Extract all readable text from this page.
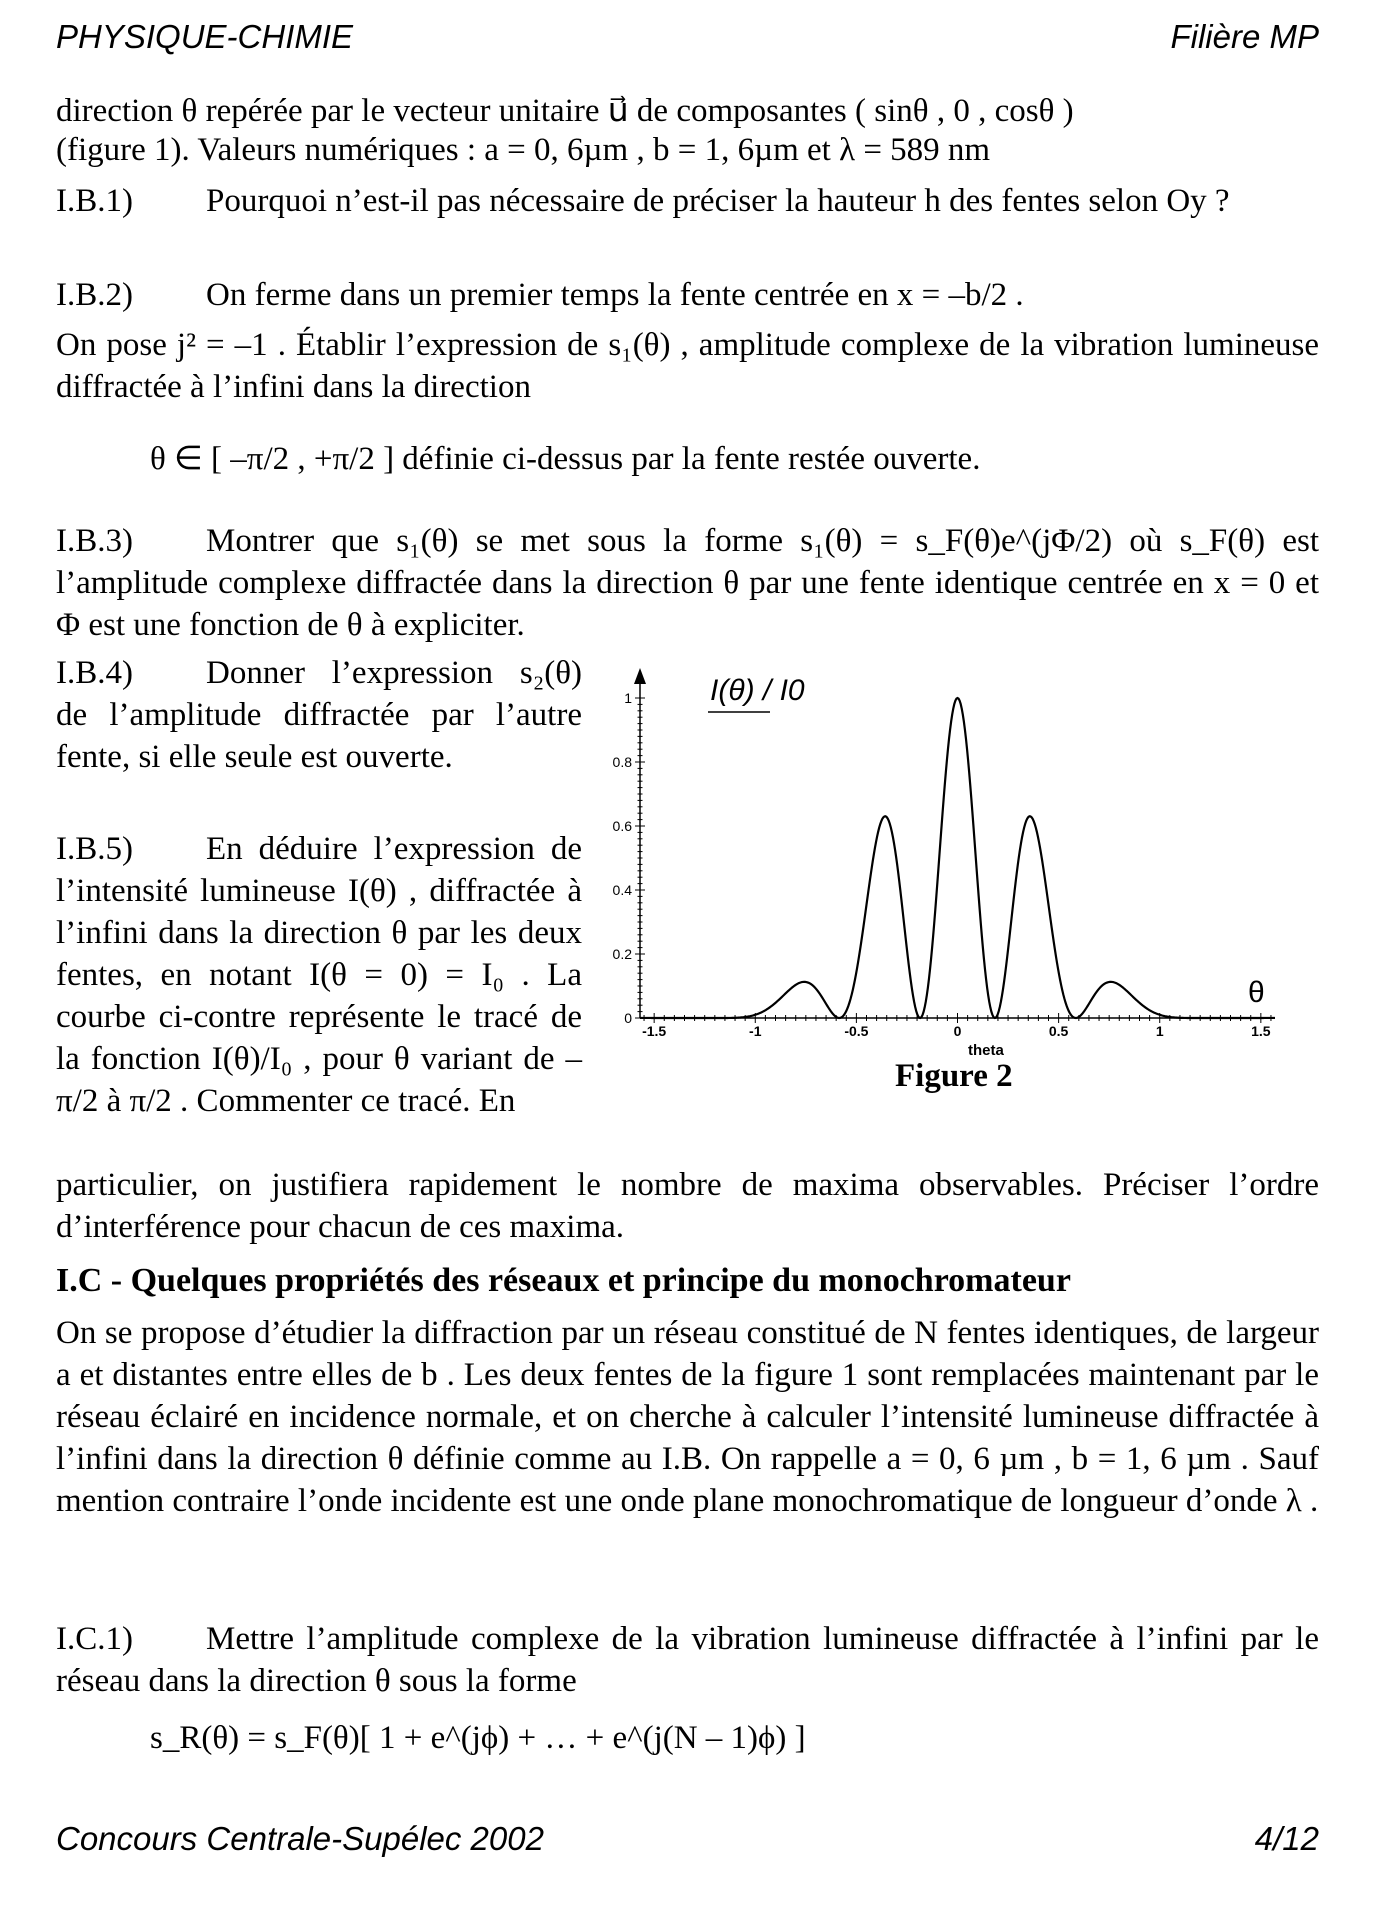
PHYSIQUE-CHIMIE	Filière MP
direction θ repérée par le vecteur unitaire u⃗ de composantes ( sinθ , 0 , cosθ )
(figure 1). Valeurs numériques : a = 0, 6µm , b = 1, 6µm et λ = 589 nm
I.B.1) Pourquoi n’est-il pas nécessaire de préciser la hauteur h des fentes selon Oy ?
I.B.2) On ferme dans un premier temps la fente centrée en x = –b/2 .
On pose j² = –1 . Établir l’expression de s₁(θ) , amplitude complexe de la vibration lumineuse diffractée à l’infini dans la direction
θ ∈ [ –π/2 , +π/2 ] définie ci-dessus par la fente restée ouverte.
I.B.3) Montrer que s₁(θ) se met sous la forme s₁(θ) = s_F(θ)e^(jΦ/2) où s_F(θ) est l’amplitude complexe diffractée dans la direction θ par une fente identique centrée en x = 0 et Φ est une fonction de θ à expliciter.
I.B.4) Donner l’expression s₂(θ) de l’amplitude diffractée par l’autre fente, si elle seule est ouverte.
I.B.5) En déduire l’expression de l’intensité lumineuse I(θ) , diffractée à l’infini dans la direction θ par les deux fentes, en notant I(θ = 0) = I₀ . La courbe ci-contre représente le tracé de la fonction I(θ)/I₀ , pour θ variant de –π/2 à π/2 . Commenter ce tracé. En
particulier, on justifiera rapidement le nombre de maxima observables. Préciser l’ordre d’interférence pour chacun de ces maxima.
0
0.2
0.4
0.6
0.8
1
-1.5	-1	-0.5	0	0.5	1	1.5
I(θ) / I0
θ
theta
Figure 2
I.C - Quelques propriétés des réseaux et principe du monochromateur
On se propose d’étudier la diffraction par un réseau constitué de N fentes identiques, de largeur a et distantes entre elles de b . Les deux fentes de la figure 1 sont remplacées maintenant par le réseau éclairé en incidence normale, et on cherche à calculer l’intensité lumineuse diffractée à l’infini dans la direction θ définie comme au I.B. On rappelle a = 0, 6 µm , b = 1, 6 µm . Sauf mention contraire l’onde incidente est une onde plane monochromatique de longueur d’onde λ .
I.C.1) Mettre l’amplitude complexe de la vibration lumineuse diffractée à l’infini par le réseau dans la direction θ sous la forme
s_R(θ) = s_F(θ)[ 1 + e^(jϕ) + … + e^(j(N – 1)ϕ) ]
Concours Centrale-Supélec 2002	4/12
